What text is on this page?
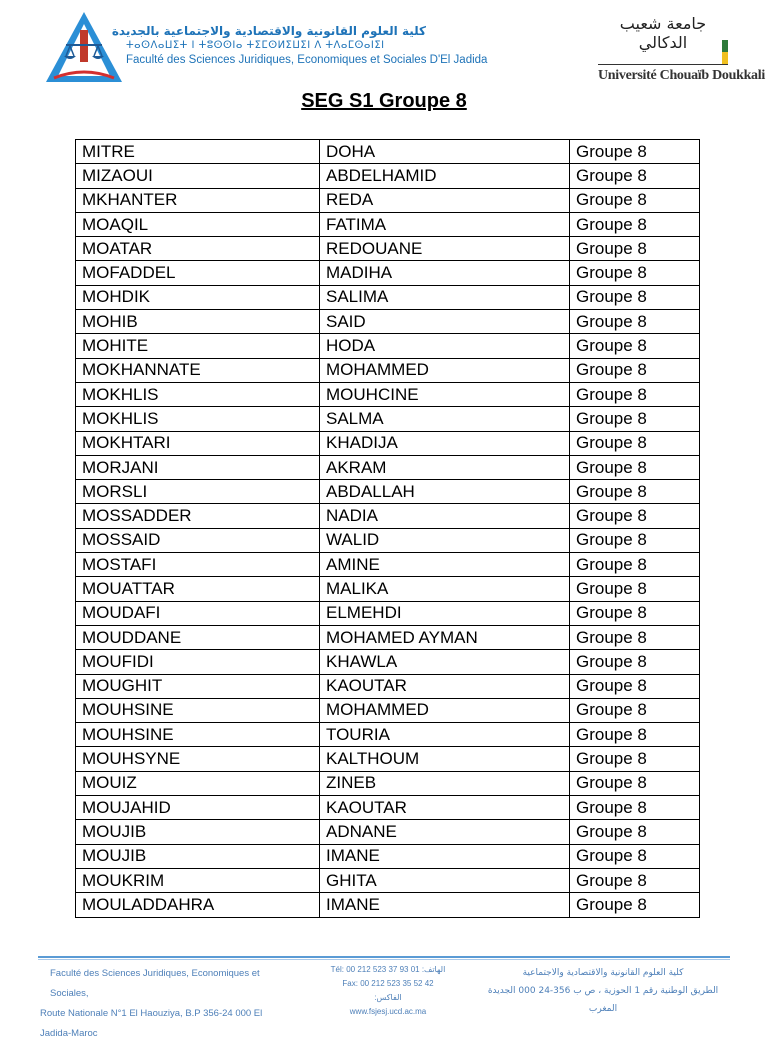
كلية العلوم القانونية والاقتصادية والاجتماعية بالجديدة
ⵜⴰⵙⴷⴰⵡⵉⵜ ⵏ ⵜⵓⵙⵙⵏⴰ ⵜⵉⵎⵙⵍⵉⵡⵉⵏ ⴷ ⵜⴷⴰⵎⵙⴰⵏⵉⵏ
Faculté des Sciences Juridiques, Economiques et Sociales D'El Jadida
جامعة شعيب الدكالي
Université Chouaïb Doukkali
SEG S1 Groupe 8
MITRE	DOHA	Groupe 8
MIZAOUI	ABDELHAMID	Groupe 8
MKHANTER	REDA	Groupe 8
MOAQIL	FATIMA	Groupe 8
MOATAR	REDOUANE	Groupe 8
MOFADDEL	MADIHA	Groupe 8
MOHDIK	SALIMA	Groupe 8
MOHIB	SAID	Groupe 8
MOHITE	HODA	Groupe 8
MOKHANNATE	MOHAMMED	Groupe 8
MOKHLIS	MOUHCINE	Groupe 8
MOKHLIS	SALMA	Groupe 8
MOKHTARI	KHADIJA	Groupe 8
MORJANI	AKRAM	Groupe 8
MORSLI	ABDALLAH	Groupe 8
MOSSADDER	NADIA	Groupe 8
MOSSAID	WALID	Groupe 8
MOSTAFI	AMINE	Groupe 8
MOUATTAR	MALIKA	Groupe 8
MOUDAFI	ELMEHDI	Groupe 8
MOUDDANE	MOHAMED AYMAN	Groupe 8
MOUFIDI	KHAWLA	Groupe 8
MOUGHIT	KAOUTAR	Groupe 8
MOUHSINE	MOHAMMED	Groupe 8
MOUHSINE	TOURIA	Groupe 8
MOUHSYNE	KALTHOUM	Groupe 8
MOUIZ	ZINEB	Groupe 8
MOUJAHID	KAOUTAR	Groupe 8
MOUJIB	ADNANE	Groupe 8
MOUJIB	IMANE	Groupe 8
MOUKRIM	GHITA	Groupe 8
MOULADDAHRA	IMANE	Groupe 8
Faculté des Sciences Juridiques, Economiques et Sociales,
Route Nationale N°1 El Haouziya, B.P 356-24 000 El Jadida-Maroc
Tél: 00 212 523 37 93 01 :الهاتف
Fax: 00 212 523 35 52 42 :الفاكس
www.fsjesj.ucd.ac.ma
كلية العلوم القانونية والاقتصادية والاجتماعية
الطريق الوطنية رقم 1 الحوزية ، ص ب 356-24 000 الجديدة المغرب
